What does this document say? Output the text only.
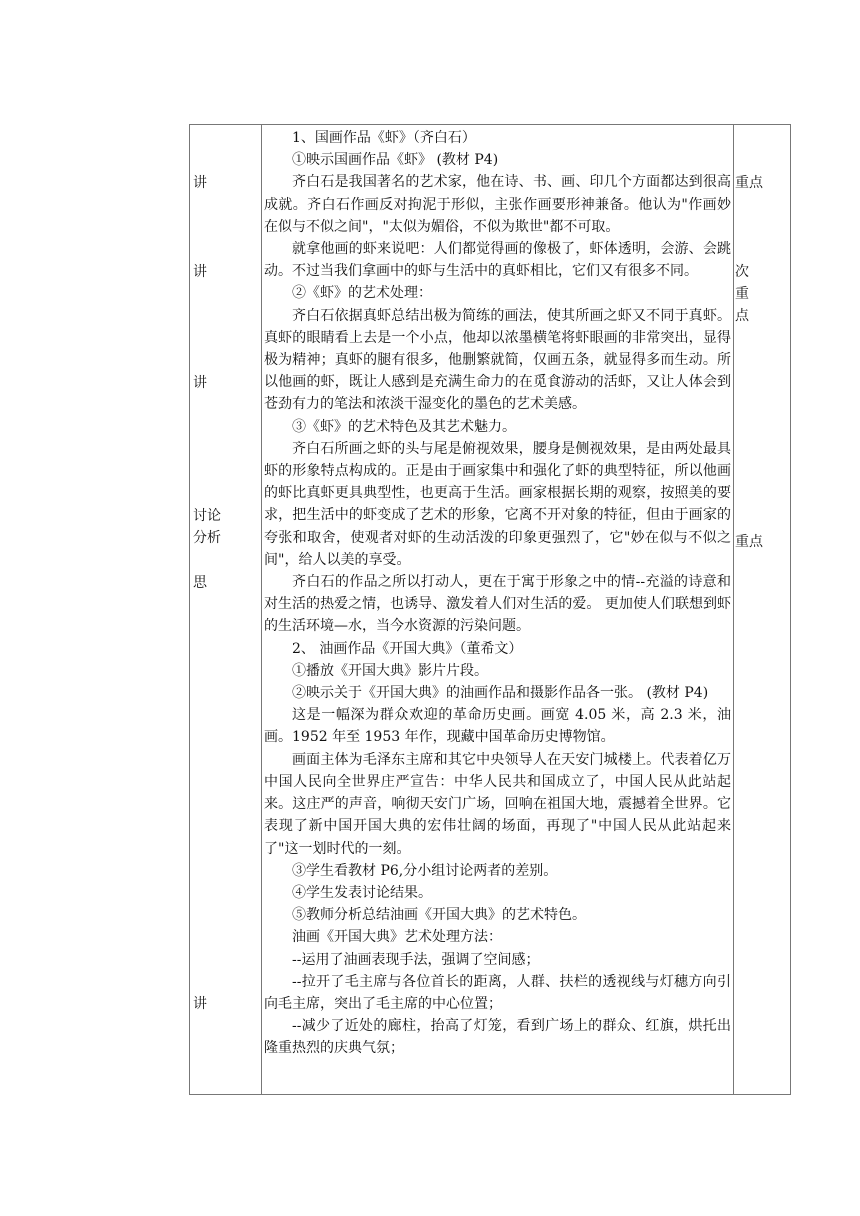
讲
讲
讲
讨论
分析
思
讲

1、国画作品《虾》（齐白石）

①映示国画作品《虾》 (教材 P4)

齐白石是我国著名的艺术家，他在诗、书、画、印几个方面都达到很高成就。齐白石作画反对拘泥于形似，主张作画要形神兼备。他认为"作画妙在似与不似之间"，"太似为媚俗，不似为欺世"都不可取。

就拿他画的虾来说吧：人们都觉得画的像极了，虾体透明，会游、会跳动。不过当我们拿画中的虾与生活中的真虾相比，它们又有很多不同。

②《虾》的艺术处理：

齐白石依据真虾总结出极为简练的画法，使其所画之虾又不同于真虾。真虾的眼睛看上去是一个小点，他却以浓墨横笔将虾眼画的非常突出，显得极为精神；真虾的腿有很多，他删繁就简，仅画五条，就显得多而生动。所以他画的虾，既让人感到是充满生命力的在觅食游动的活虾，又让人体会到苍劲有力的笔法和浓淡干湿变化的墨色的艺术美感。

③《虾》的艺术特色及其艺术魅力。

齐白石所画之虾的头与尾是俯视效果，腰身是侧视效果，是由两处最具虾的形象特点构成的。正是由于画家集中和强化了虾的典型特征，所以他画的虾比真虾更具典型性，也更高于生活。画家根据长期的观察，按照美的要求，把生活中的虾变成了艺术的形象，它离不开对象的特征，但由于画家的夸张和取舍，使观者对虾的生动活泼的印象更强烈了，它"妙在似与不似之间"，给人以美的享受。

齐白石的作品之所以打动人，更在于寓于形象之中的情--充溢的诗意和对生活的热爱之情，也诱导、激发着人们对生活的爱。 更加使人们联想到虾的生活环境—水，当今水资源的污染问题。

2、 油画作品《开国大典》（董希文）

①播放《开国大典》影片片段。

②映示关于《开国大典》的油画作品和摄影作品各一张。 (教材 P4)

这是一幅深为群众欢迎的革命历史画。画宽 4.05 米，高 2.3 米，油画。1952 年至 1953 年作，现藏中国革命历史博物馆。

画面主体为毛泽东主席和其它中央领导人在天安门城楼上。代表着亿万中国人民向全世界庄严宣告：中华人民共和国成立了，中国人民从此站起来。这庄严的声音，响彻天安门广场，回响在祖国大地，震撼着全世界。它表现了新中国开国大典的宏伟壮阔的场面，再现了"中国人民从此站起来了"这一划时代的一刻。

③学生看教材 P6,分小组讨论两者的差别。

④学生发表讨论结果。

⑤教师分析总结油画《开国大典》的艺术特色。

油画《开国大典》艺术处理方法：

--运用了油画表现手法，强调了空间感；

--拉开了毛主席与各位首长的距离，人群、扶栏的透视线与灯穗方向引向毛主席，突出了毛主席的中心位置；

--减少了近处的廊柱，抬高了灯笼，看到广场上的群众、红旗，烘托出隆重热烈的庆典气氛；

重点
次
重
点
重点
